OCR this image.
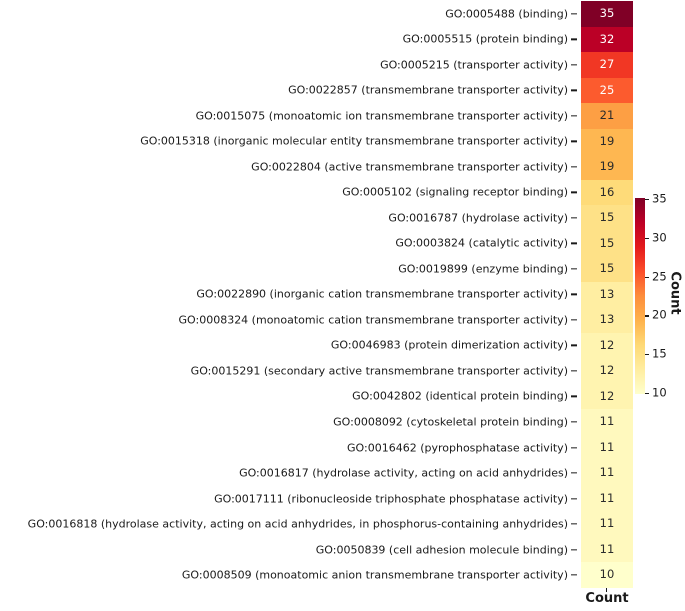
GO:0005488 (binding)	35
GO:0005515 (protein binding)	32
GO:0005215 (transporter activity)	27
GO:0022857 (transmembrane transporter activity)	25
GO:0015075 (monoatomic ion transmembrane transporter activity)	21
GO:0015318 (inorganic molecular entity transmembrane transporter activity)	19
GO:0022804 (active transmembrane transporter activity)	19
GO:0005102 (signaling receptor binding)	16
GO:0016787 (hydrolase activity)	15
GO:0003824 (catalytic activity)	15
GO:0019899 (enzyme binding)	15
GO:0022890 (inorganic cation transmembrane transporter activity)	13
GO:0008324 (monoatomic cation transmembrane transporter activity)	13
GO:0046983 (protein dimerization activity)	12
GO:0015291 (secondary active transmembrane transporter activity)	12
GO:0042802 (identical protein binding)	12
GO:0008092 (cytoskeletal protein binding)	11
GO:0016462 (pyrophosphatase activity)	11
GO:0016817 (hydrolase activity, acting on acid anhydrides)	11
GO:0017111 (ribonucleoside triphosphate phosphatase activity)	11
GO:0016818 (hydrolase activity, acting on acid anhydrides, in phosphorus-containing anhydrides)	11
GO:0050839 (cell adhesion molecule binding)	11
GO:0008509 (monoatomic anion transmembrane transporter activity)	10
Count
35
30
25
20
15
10
Count
